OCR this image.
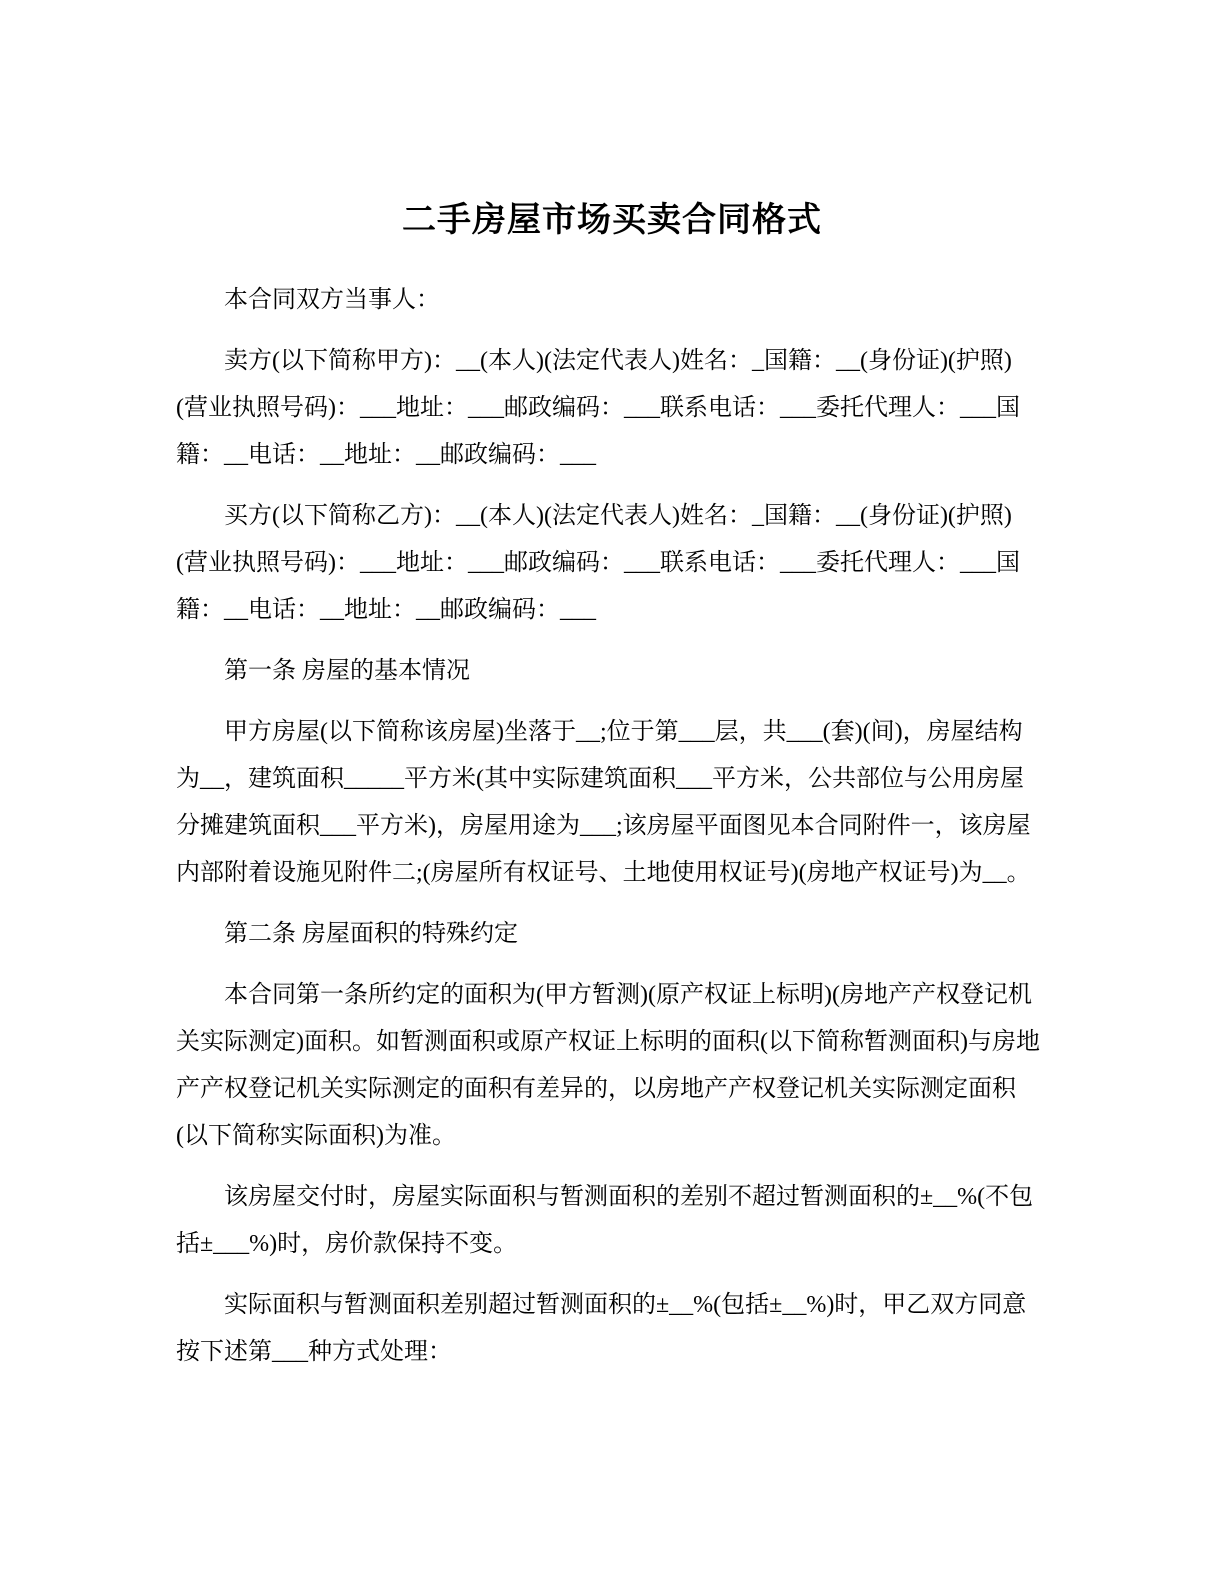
二手房屋市场买卖合同格式

　　本合同双方当事人：

　　卖方(以下简称甲方)：__(本人)(法定代表人)姓名：_国籍：__(身份证)(护照)
(营业执照号码)：___地址：___邮政编码：___联系电话：___委托代理人：___国
籍：__电话：__地址：__邮政编码：___

　　买方(以下简称乙方)：__(本人)(法定代表人)姓名：_国籍：__(身份证)(护照)
(营业执照号码)：___地址：___邮政编码：___联系电话：___委托代理人：___国
籍：__电话：__地址：__邮政编码：___

　　第一条 房屋的基本情况

　　甲方房屋(以下简称该房屋)坐落于__;位于第___层，共___(套)(间)，房屋结构
为__，建筑面积_____平方米(其中实际建筑面积___平方米，公共部位与公用房屋
分摊建筑面积___平方米)，房屋用途为___;该房屋平面图见本合同附件一，该房屋
内部附着设施见附件二;(房屋所有权证号、土地使用权证号)(房地产权证号)为__。

　　第二条 房屋面积的特殊约定

　　本合同第一条所约定的面积为(甲方暂测)(原产权证上标明)(房地产产权登记机
关实际测定)面积。如暂测面积或原产权证上标明的面积(以下简称暂测面积)与房地
产产权登记机关实际测定的面积有差异的，以房地产产权登记机关实际测定面积
(以下简称实际面积)为准。

　　该房屋交付时，房屋实际面积与暂测面积的差别不超过暂测面积的±__%(不包
括±___%)时，房价款保持不变。

　　实际面积与暂测面积差别超过暂测面积的±__%(包括±__%)时，甲乙双方同意
按下述第___种方式处理：
